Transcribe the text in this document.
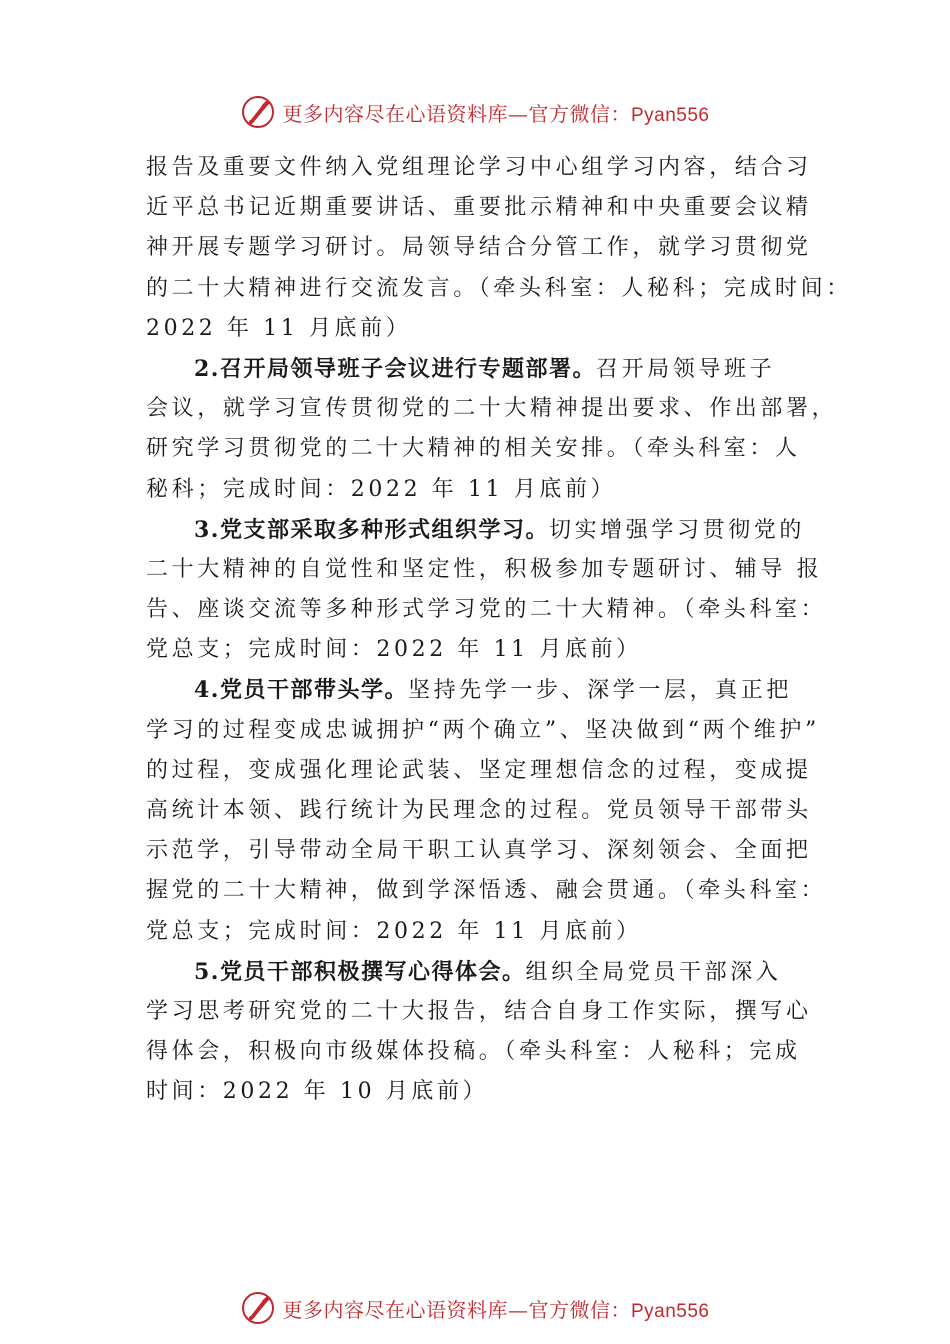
更多内容尽在心语资料库—官方微信：Pyan556
报告及重要文件纳入党组理论学习中心组学习内容，结合习
近平总书记近期重要讲话、重要批示精神和中央重要会议精
神开展专题学习研讨。局领导结合分管工作，就学习贯彻党
的二十大精神进行交流发言。（牵头科室：人秘科；完成时间：
2022 年 11 月底前）
2.召开局领导班子会议进行专题部署。召开局领导班子
会议，就学习宣传贯彻党的二十大精神提出要求、作出部署，
研究学习贯彻党的二十大精神的相关安排。（牵头科室：人
秘科；完成时间：2022 年 11 月底前）
3.党支部采取多种形式组织学习。切实增强学习贯彻党的
二十大精神的自觉性和坚定性，积极参加专题研讨、辅导 报
告、座谈交流等多种形式学习党的二十大精神。（牵头科室：
党总支；完成时间：2022 年 11 月底前）
4.党员干部带头学。坚持先学一步、深学一层，真正把
学习的过程变成忠诚拥护“两个确立”、坚决做到“两个维护”
的过程，变成强化理论武装、坚定理想信念的过程，变成提
高统计本领、践行统计为民理念的过程。党员领导干部带头
示范学，引导带动全局干职工认真学习、深刻领会、全面把
握党的二十大精神，做到学深悟透、融会贯通。（牵头科室：
党总支；完成时间：2022 年 11 月底前）
5.党员干部积极撰写心得体会。组织全局党员干部深入
学习思考研究党的二十大报告，结合自身工作实际，撰写心
得体会，积极向市级媒体投稿。（牵头科室：人秘科；完成
时间：2022 年 10 月底前）
更多内容尽在心语资料库—官方微信：Pyan556
